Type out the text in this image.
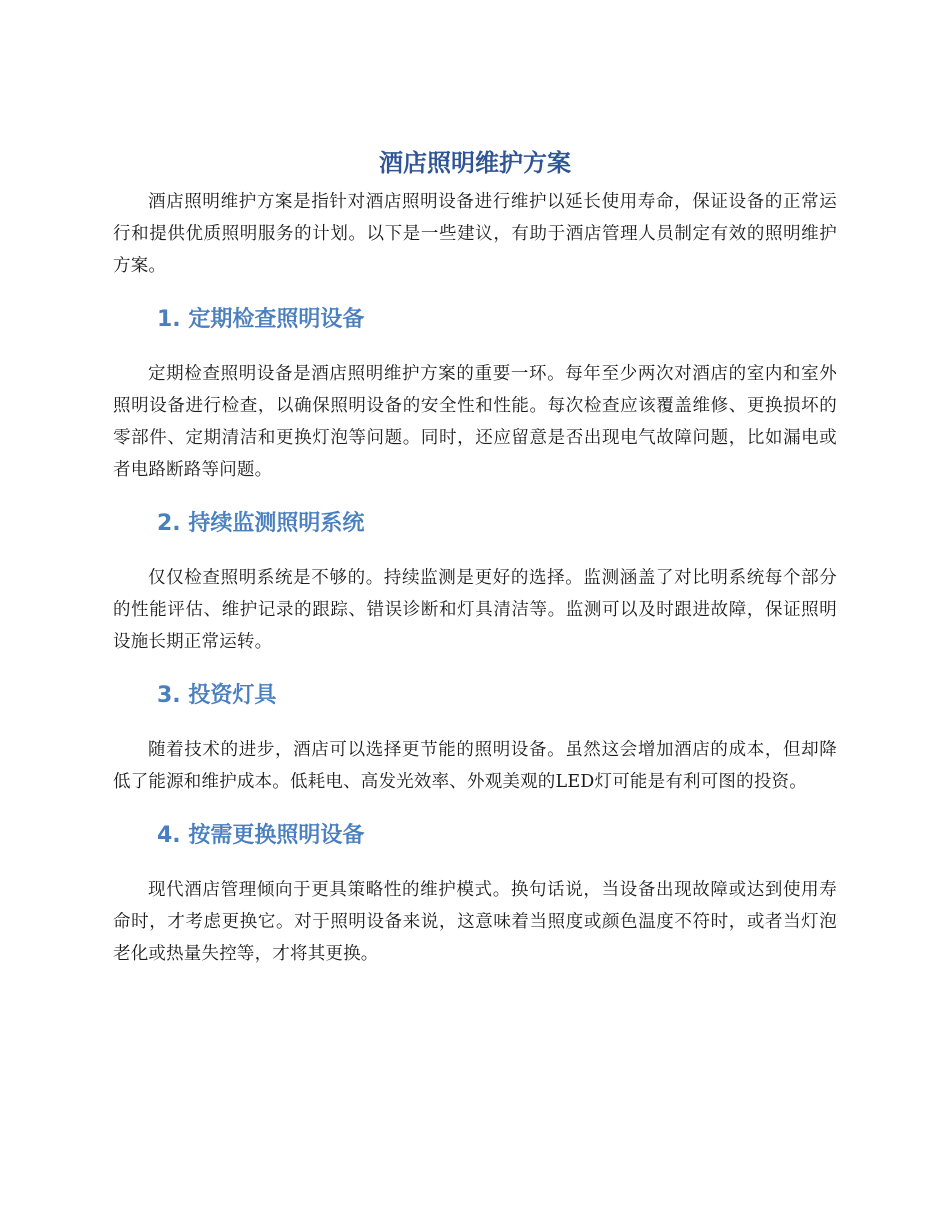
酒店照明维护方案

酒店照明维护方案是指针对酒店照明设备进行维护以延长使用寿命，保证设备的正常运行和提供优质照明服务的计划。以下是一些建议，有助于酒店管理人员制定有效的照明维护方案。

1. 定期检查照明设备

定期检查照明设备是酒店照明维护方案的重要一环。每年至少两次对酒店的室内和室外照明设备进行检查，以确保照明设备的安全性和性能。每次检查应该覆盖维修、更换损坏的零部件、定期清洁和更换灯泡等问题。同时，还应留意是否出现电气故障问题，比如漏电或者电路断路等问题。

2. 持续监测照明系统

仅仅检查照明系统是不够的。持续监测是更好的选择。监测涵盖了对比明系统每个部分的性能评估、维护记录的跟踪、错误诊断和灯具清洁等。监测可以及时跟进故障，保证照明设施长期正常运转。

3. 投资灯具

随着技术的进步，酒店可以选择更节能的照明设备。虽然这会增加酒店的成本，但却降低了能源和维护成本。低耗电、高发光效率、外观美观的LED灯可能是有利可图的投资。

4. 按需更换照明设备

现代酒店管理倾向于更具策略性的维护模式。换句话说，当设备出现故障或达到使用寿命时，才考虑更换它。对于照明设备来说，这意味着当照度或颜色温度不符时，或者当灯泡老化或热量失控等，才将其更换。
